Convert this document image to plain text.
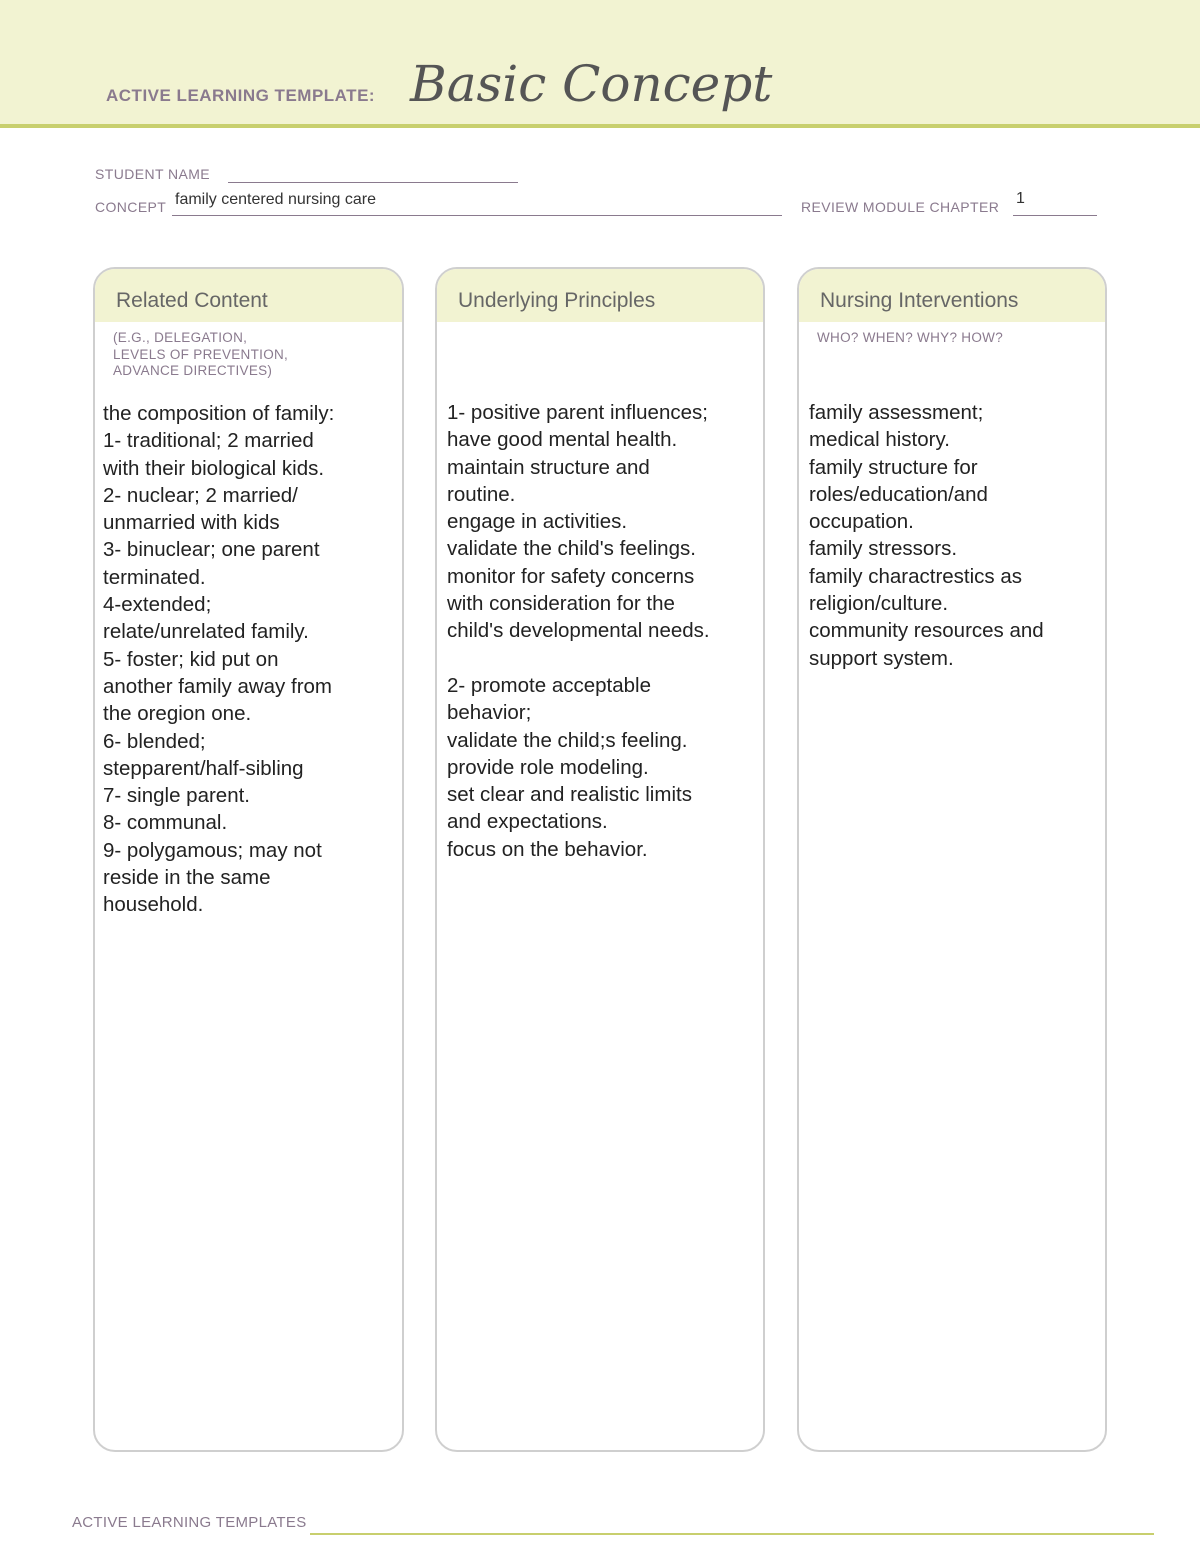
ACTIVE LEARNING TEMPLATE: Basic Concept
STUDENT NAME
CONCEPT family centered nursing care	REVIEW MODULE CHAPTER 1
Related Content
(E.G., DELEGATION,
LEVELS OF PREVENTION,
ADVANCE DIRECTIVES)
the composition of family:
1- traditional; 2 married
with their biological kids.
2- nuclear; 2 married/
unmarried with kids
3- binuclear; one parent
terminated.
4-extended;
relate/unrelated family.
5- foster; kid put on
another family away from
the oregion one.
6- blended;
stepparent/half-sibling
7- single parent.
8- communal.
9- polygamous; may not
reside in the same
household.
Underlying Principles
1- positive parent influences;
have good mental health.
maintain structure and
routine.
engage in activities.
validate the child's feelings.
monitor for safety concerns
with consideration for the
child's developmental needs.
2- promote acceptable
behavior;
validate the child;s feeling.
provide role modeling.
set clear and realistic limits
and expectations.
focus on the behavior.
Nursing Interventions
WHO? WHEN? WHY? HOW?
family assessment;
medical history.
family structure for
roles/education/and
occupation.
family stressors.
family charactrestics as
religion/culture.
community resources and
support system.
ACTIVE LEARNING TEMPLATES
